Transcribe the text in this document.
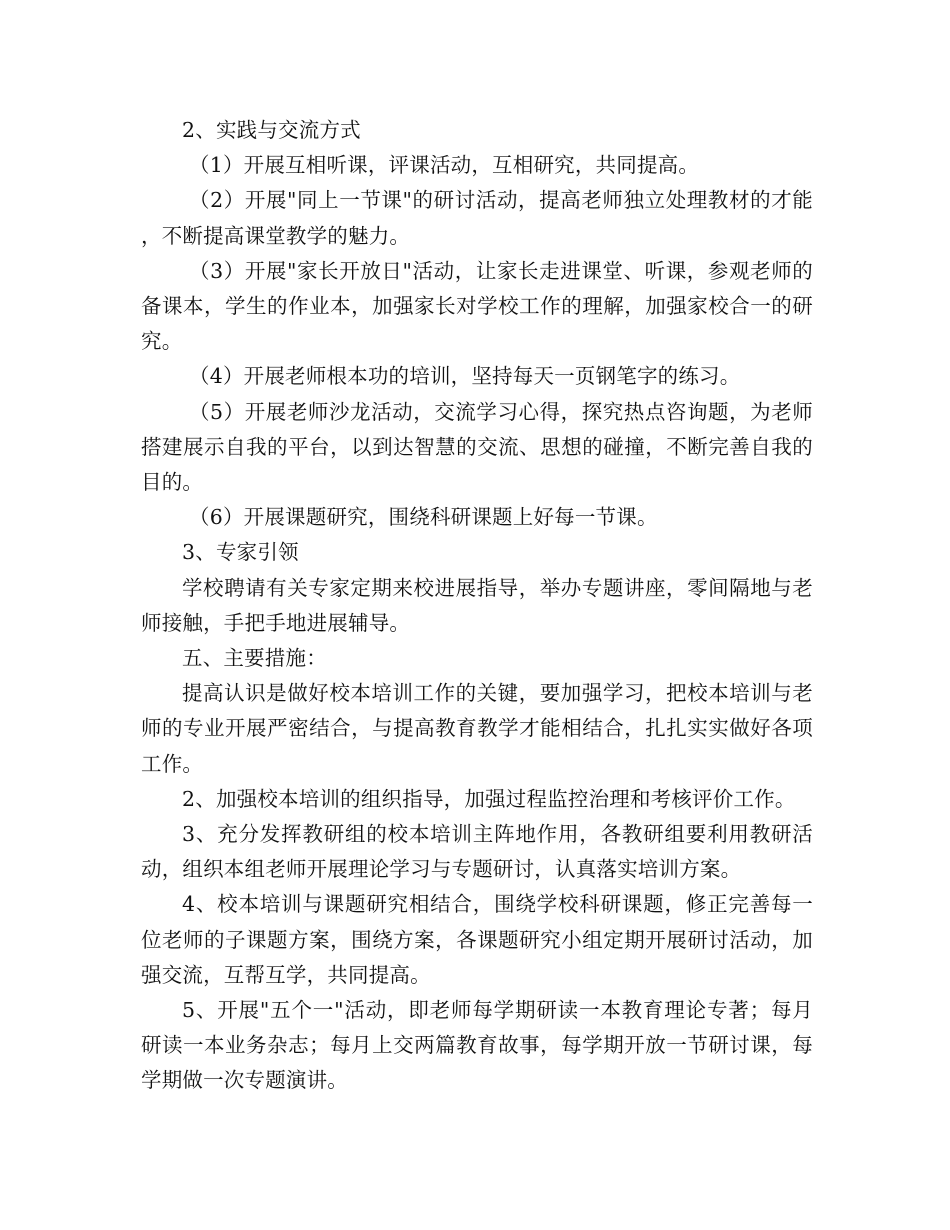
2、实践与交流方式

（1）开展互相听课，评课活动，互相研究，共同提高。

（2）开展"同上一节课"的研讨活动，提高老师独立处理教材的才能，不断提高课堂教学的魅力。

（3）开展"家长开放日"活动，让家长走进课堂、听课，参观老师的备课本，学生的作业本，加强家长对学校工作的理解，加强家校合一的研究。

（4）开展老师根本功的培训，坚持每天一页钢笔字的练习。

（5）开展老师沙龙活动，交流学习心得，探究热点咨询题，为老师搭建展示自我的平台，以到达智慧的交流、思想的碰撞，不断完善自我的目的。

（6）开展课题研究，围绕科研课题上好每一节课。

3、专家引领

学校聘请有关专家定期来校进展指导，举办专题讲座，零间隔地与老师接触，手把手地进展辅导。

五、主要措施：

提高认识是做好校本培训工作的关键，要加强学习，把校本培训与老师的专业开展严密结合，与提高教育教学才能相结合，扎扎实实做好各项工作。

2、加强校本培训的组织指导，加强过程监控治理和考核评价工作。

3、充分发挥教研组的校本培训主阵地作用，各教研组要利用教研活动，组织本组老师开展理论学习与专题研讨，认真落实培训方案。

4、校本培训与课题研究相结合，围绕学校科研课题，修正完善每一位老师的子课题方案，围绕方案，各课题研究小组定期开展研讨活动，加强交流，互帮互学，共同提高。

5、开展"五个一"活动，即老师每学期研读一本教育理论专著；每月研读一本业务杂志；每月上交两篇教育故事，每学期开放一节研讨课，每学期做一次专题演讲。
